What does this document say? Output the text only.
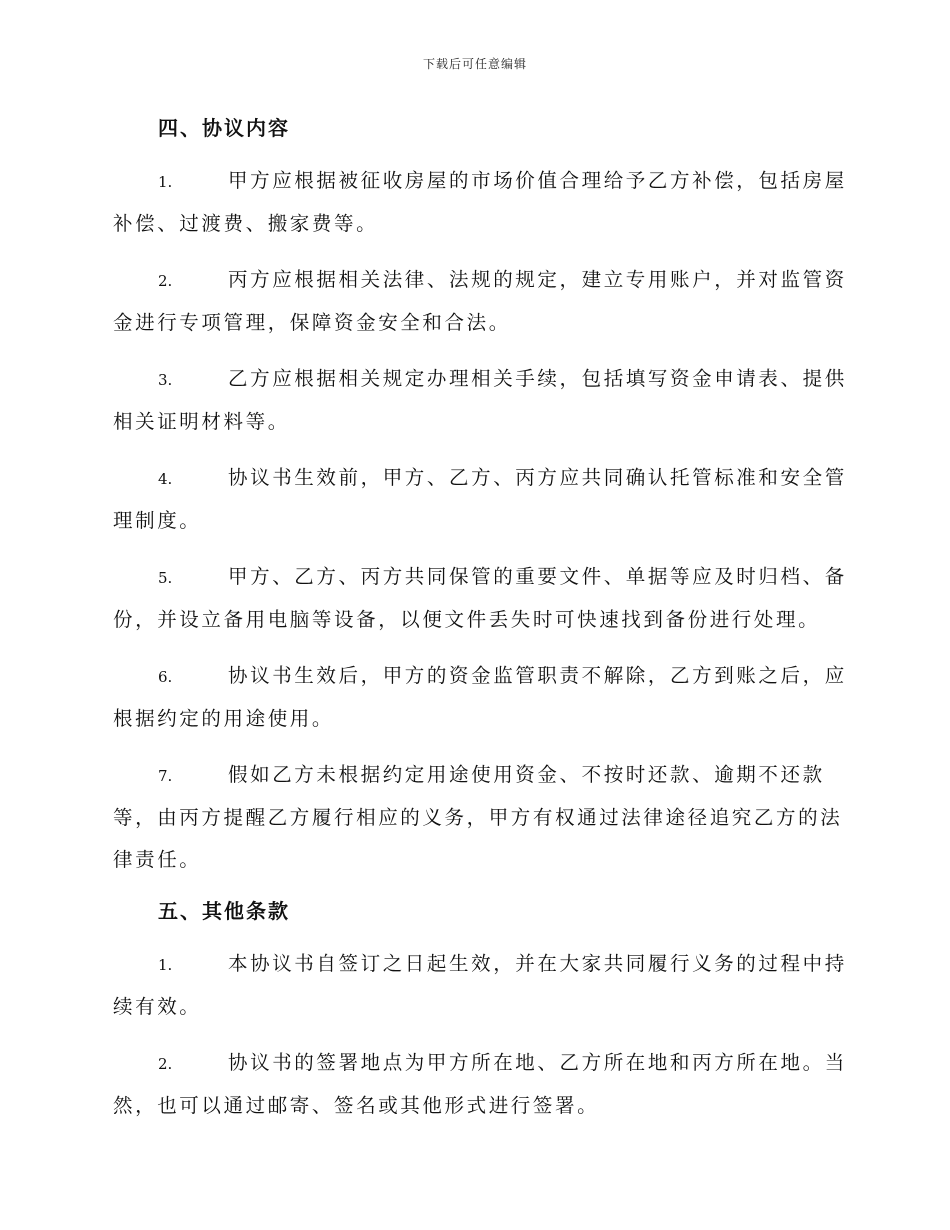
下载后可任意编辑
四、协议内容
1.	甲方应根据被征收房屋的市场价值合理给予乙方补偿，包括房屋
补偿、过渡费、搬家费等。
2.	丙方应根据相关法律、法规的规定，建立专用账户，并对监管资
金进行专项管理，保障资金安全和合法。
3.	乙方应根据相关规定办理相关手续，包括填写资金申请表、提供
相关证明材料等。
4.	协议书生效前，甲方、乙方、丙方应共同确认托管标准和安全管
理制度。
5.	甲方、乙方、丙方共同保管的重要文件、单据等应及时归档、备
份，并设立备用电脑等设备，以便文件丢失时可快速找到备份进行处理。
6.	协议书生效后，甲方的资金监管职责不解除，乙方到账之后，应
根据约定的用途使用。
7.	假如乙方未根据约定用途使用资金、不按时还款、逾期不还款
等，由丙方提醒乙方履行相应的义务，甲方有权通过法律途径追究乙方的法
律责任。
五、其他条款
1.	本协议书自签订之日起生效，并在大家共同履行义务的过程中持
续有效。
2.	协议书的签署地点为甲方所在地、乙方所在地和丙方所在地。当
然，也可以通过邮寄、签名或其他形式进行签署。
